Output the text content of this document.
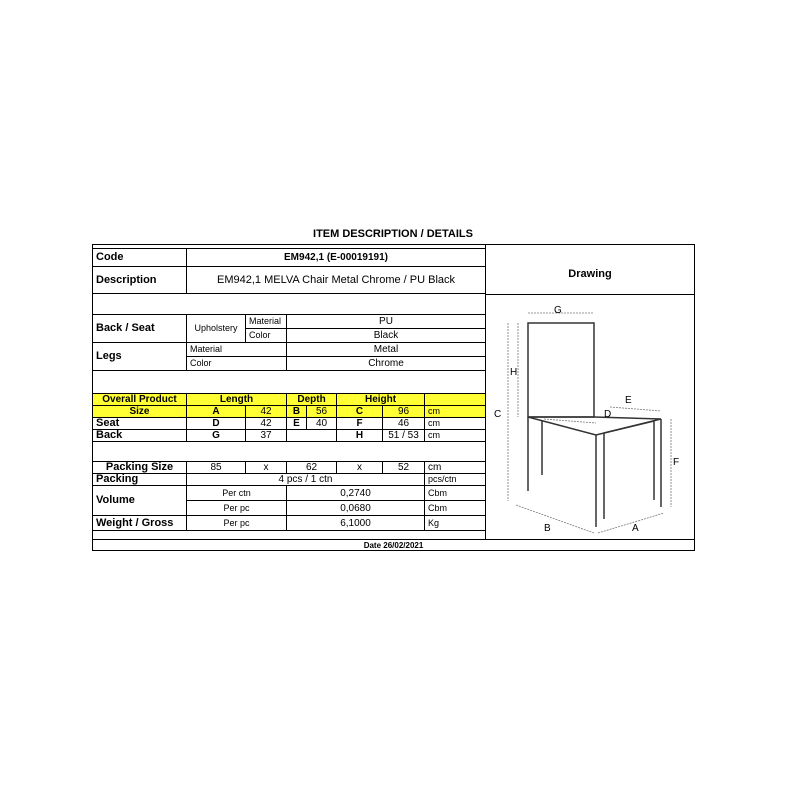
ITEM DESCRIPTION / DETAILS
Code	EM942,1 (E-00019191)
Description	EM942,1 MELVA Chair Metal Chrome / PU Black	Drawing
G
H
C
E
D
F
B	A
Back / Seat	Upholstery	Material	PU
		Color	Black
Legs	Material		Metal
	Color		Chrome
Overall Product	Length		Depth		Height		
Size	A	42	B	56	C	96	cm
Seat	D	42	E	40	F	46	cm
Back	G	37			H	51 / 53	cm
Packing Size	85	x	62	x	52	cm
Packing	4 pcs / 1 ctn					pcs/ctn
Volume	Per ctn		0,2740			Cbm
	Per pc		0,0680			Cbm
Weight / Gross	Per pc		6,1000			Kg
Date 26/02/2021
